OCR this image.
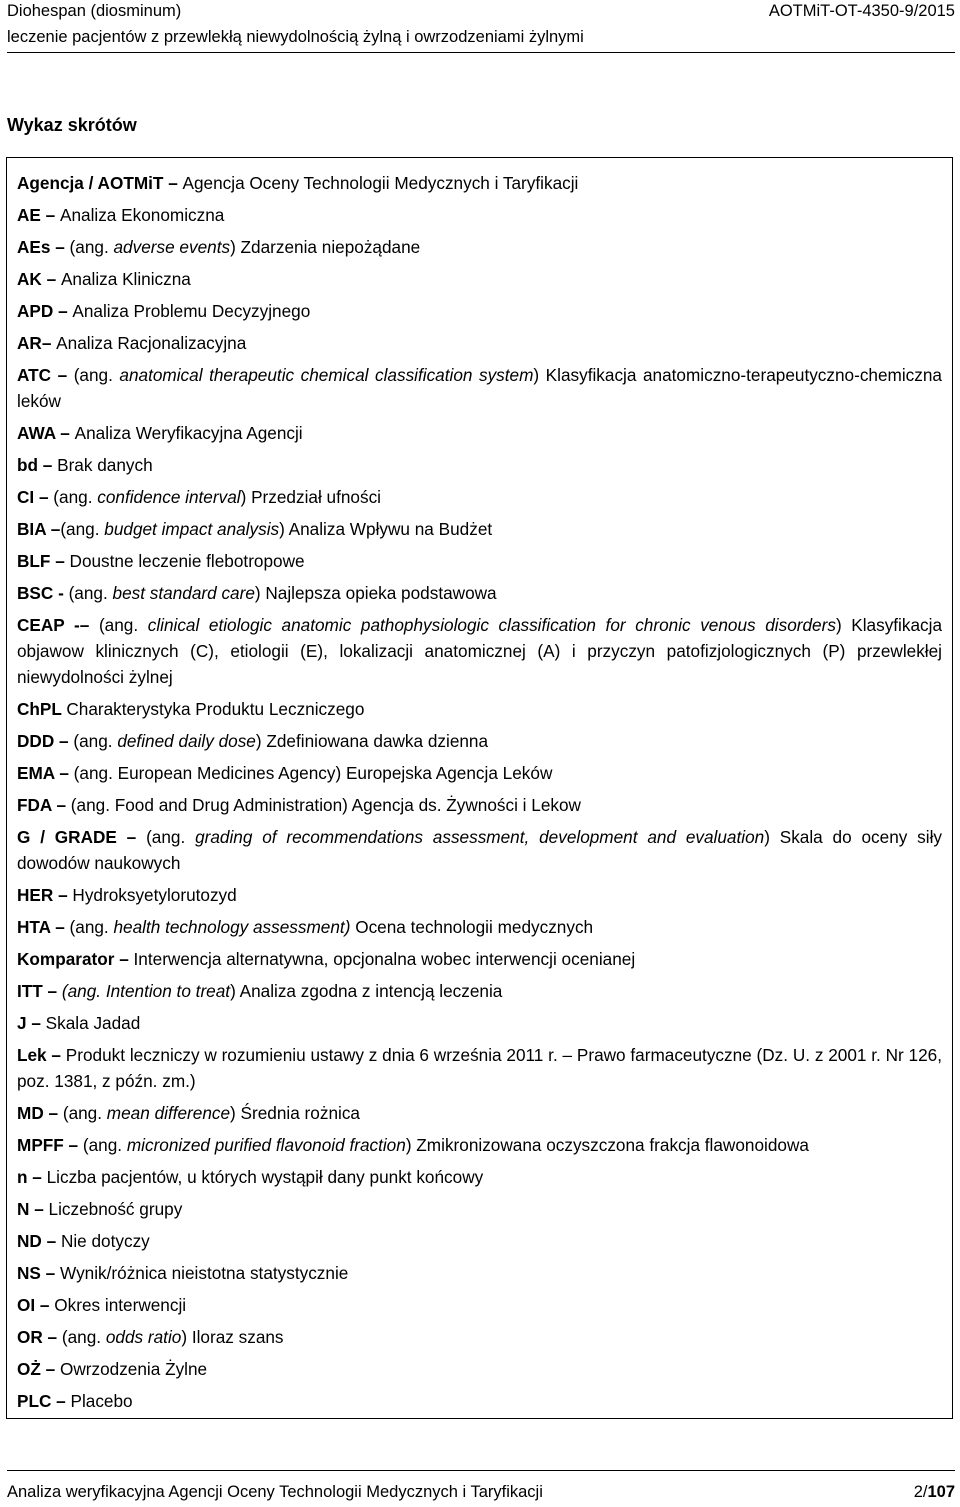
Diohespan (diosminum)	AOTMiT-OT-4350-9/2015
leczenie pacjentów z przewlekłą niewydolnością żylną i owrzodzeniami żylnymi
Wykaz skrótów
Agencja / AOTMiT – Agencja Oceny Technologii Medycznych i Taryfikacji
AE – Analiza Ekonomiczna
AEs – (ang. adverse events) Zdarzenia niepożądane
AK – Analiza Kliniczna
APD – Analiza Problemu Decyzyjnego
AR– Analiza Racjonalizacyjna
ATC – (ang. anatomical therapeutic chemical classification system) Klasyfikacja anatomiczno-terapeutyczno-chemiczna leków
AWA – Analiza Weryfikacyjna Agencji
bd – Brak danych
CI – (ang. confidence interval) Przedział ufności
BIA –(ang. budget impact analysis) Analiza Wpływu na Budżet
BLF – Doustne leczenie flebotropowe
BSC - (ang. best standard care) Najlepsza opieka podstawowa
CEAP -– (ang. clinical etiologic anatomic pathophysiologic classification for chronic venous disorders) Klasyfikacja objawow klinicznych (C), etiologii (E), lokalizacji anatomicznej (A) i przyczyn patofizjologicznych (P) przewlekłej niewydolności żylnej
ChPL Charakterystyka Produktu Leczniczego
DDD – (ang. defined daily dose) Zdefiniowana dawka dzienna
EMA – (ang. European Medicines Agency) Europejska Agencja Leków
FDA – (ang. Food and Drug Administration) Agencja ds. Żywności i Lekow
G / GRADE – (ang. grading of recommendations assessment, development and evaluation) Skala do oceny siły dowodów naukowych
HER – Hydroksyetylorutozyd
HTA – (ang. health technology assessment) Ocena technologii medycznych
Komparator – Interwencja alternatywna, opcjonalna wobec interwencji ocenianej
ITT – (ang. Intention to treat) Analiza zgodna z intencją leczenia
J – Skala Jadad
Lek – Produkt leczniczy w rozumieniu ustawy z dnia 6 września 2011 r. – Prawo farmaceutyczne (Dz. U. z 2001 r. Nr 126, poz. 1381, z późn. zm.)
MD – (ang. mean difference) Średnia rożnica
MPFF – (ang. micronized purified flavonoid fraction) Zmikronizowana oczyszczona frakcja flawonoidowa
n – Liczba pacjentów, u których wystąpił dany punkt końcowy
N – Liczebność grupy
ND – Nie dotyczy
NS – Wynik/różnica nieistotna statystycznie
OI – Okres interwencji
OR – (ang. odds ratio) Iloraz szans
OŻ – Owrzodzenia Żylne
PLC – Placebo
Analiza weryfikacyjna Agencji Oceny Technologii Medycznych i Taryfikacji	2/107
